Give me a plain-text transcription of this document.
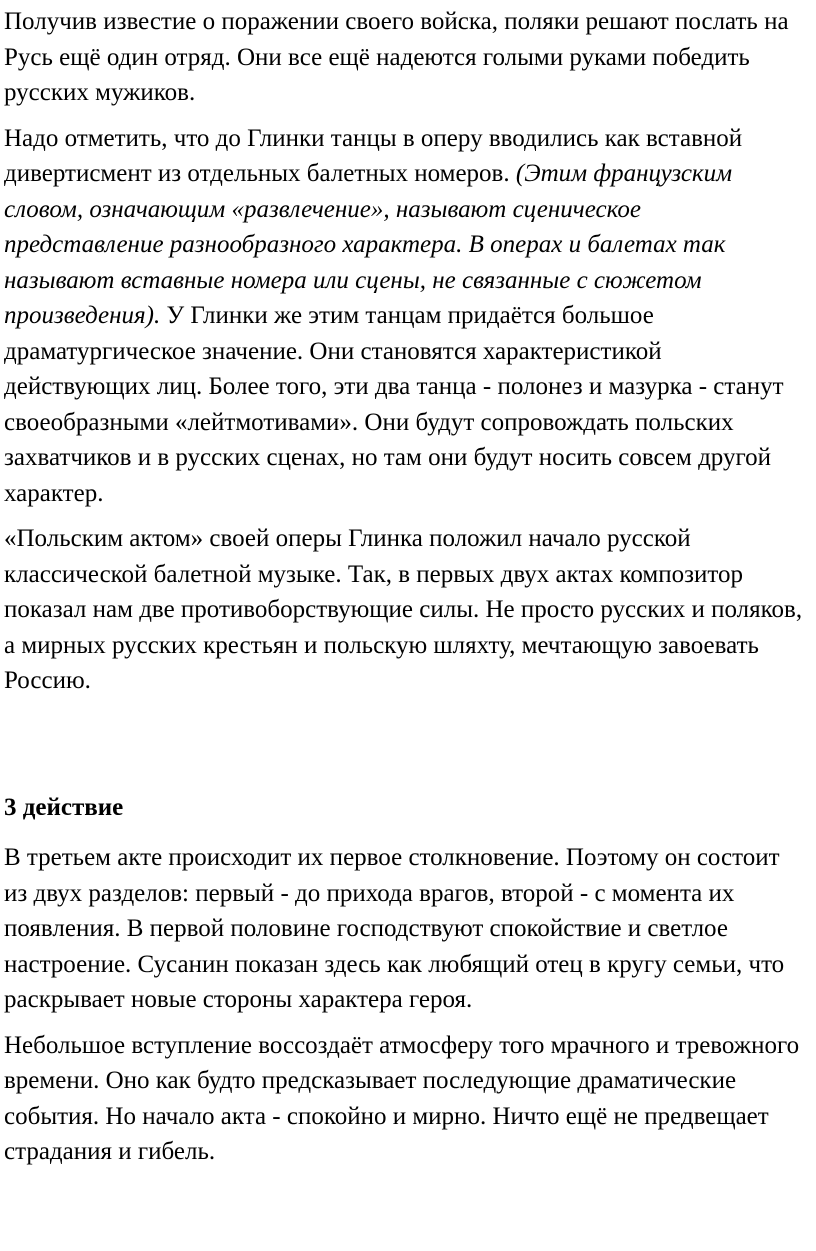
Получив известие о поражении своего войска, поляки решают послать на Русь ещё один отряд. Они все ещё надеются голыми руками победить русских мужиков.

Надо отметить, что до Глинки танцы в оперу вводились как вставной дивертисмент из отдельных балетных номеров. (Этим французским словом, означающим «развлечение», называют сценическое представление разнообразного характера. В операх и балетах так называют вставные номера или сцены, не связанные с сюжетом произведения). У Глинки же этим танцам придаётся большое драматургическое значение. Они становятся характеристикой действующих лиц. Более того, эти два танца - полонез и мазурка - станут своеобразными «лейтмотивами». Они будут сопровождать польских захватчиков и в русских сценах, но там они будут носить совсем другой характер.

«Польским актом» своей оперы Глинка положил начало русской классической балетной музыке. Так, в первых двух актах композитор показал нам две противоборствующие силы. Не просто русских и поляков, а мирных русских крестьян и польскую шляхту, мечтающую завоевать Россию.

3 действие

В третьем акте происходит их первое столкновение. Поэтому он состоит из двух разделов: первый - до прихода врагов, второй - с момента их появления. В первой половине господствуют спокойствие и светлое настроение. Сусанин показан здесь как любящий отец в кругу семьи, что раскрывает новые стороны характера героя.

Небольшое вступление воссоздаёт атмосферу того мрачного и тревожного времени. Оно как будто предсказывает последующие драматические события. Но начало акта - спокойно и мирно. Ничто ещё не предвещает страдания и гибель.
